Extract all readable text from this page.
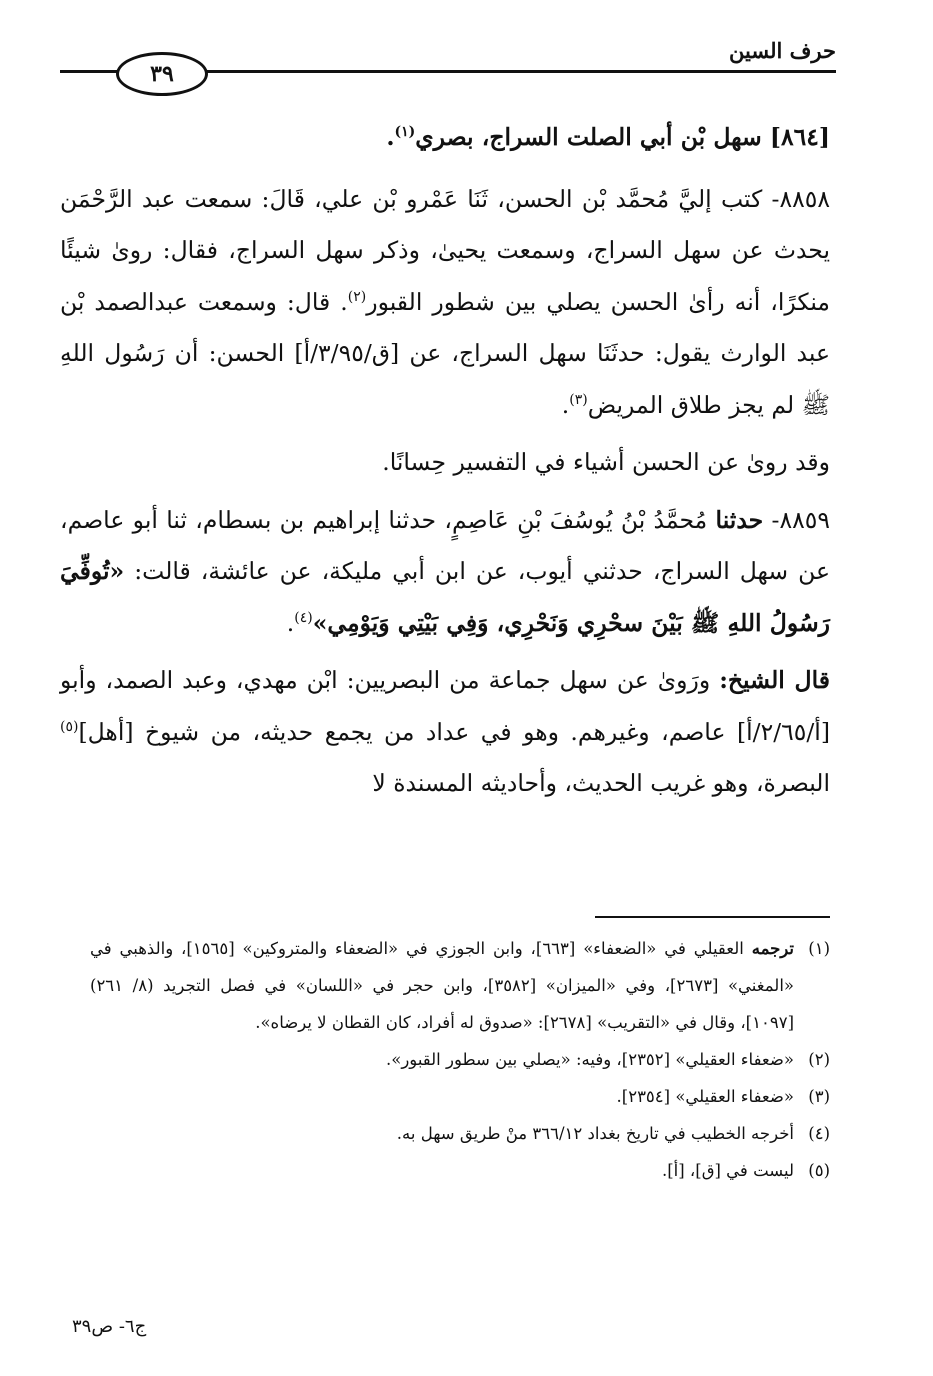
حرف السين
٣٩

[٨٦٤] سهل بْن أبي الصلت السراج، بصري$^{(١)}$.

٨٨٥٨- كتب إليَّ مُحمَّد بْن الحسن، ثَنَا عَمْرو بْن علي، قَالَ: سمعت عبد الرَّحْمَن يحدث عن سهل السراج، وسمعت يحيىٰ، وذكر سهل السراج، فقال: روىٰ شيئًا منكرًا، أنه رأىٰ الحسن يصلي بين شطور القبور$^{(٢)}$. قال: وسمعت عبدالصمد بْن عبد الوارث يقول: حدثَنَا سهل السراج، عن [ق/٣/٩٥/أ] الحسن: أن رَسُول اللهِ ﷺ لم يجز طلاق المريض$^{(٣)}$.

وقد روىٰ عن الحسن أشياء في التفسير حِسانًا.

٨٨٥٩- حدثنا مُحمَّدُ بْنُ يُوسُفَ بْنِ عَاصِمٍ، حدثنا إبراهيم بن بسطام، ثنا أبو عاصم، عن سهل السراج، حدثني أيوب، عن ابن أبي مليكة، عن عائشة، قالت: «تُوفِّيَ رَسُولُ اللهِ ﷺ بَيْنَ سحْرِي وَنَحْرِي، وَفِي بَيْتِي وَيَوْمِي»$^{(٤)}$.

قال الشيخ: ورَوىٰ عن سهل جماعة من البصريين: ابْن مهدي، وعبد الصمد، وأبو [أ/٢/٦٥/أ] عاصم، وغيرهم. وهو في عداد من يجمع حديثه، من شيوخ [أهل]$^{(٥)}$ البصرة، وهو غريب الحديث، وأحاديثه المسندة لا

(١)
ترجمه العقيلي في «الضعفاء» [٦٦٣]، وابن الجوزي في «الضعفاء والمتروكين» [١٥٦٥]، والذهبي في «المغني» [٢٦٧٣]، وفي «الميزان» [٣٥٨٢]، وابن حجر في «اللسان» في فصل التجريد (٨/ ٢٦١) [١٠٩٧]، وقال في «التقريب» [٢٦٧٨]: «صدوق له أفراد، كان القطان لا يرضاه».

(٢)
«ضعفاء العقيلي» [٢٣٥٢]، وفيه: «يصلي بين سطور القبور».

(٣)
«ضعفاء العقيلي» [٢٣٥٤].

(٤)
أخرجه الخطيب في تاريخ بغداد ٣٦٦/١٢ منْ طريق سهل به.

(٥)
ليست في [ق]، [أ].

ج٦- ص٣٩
